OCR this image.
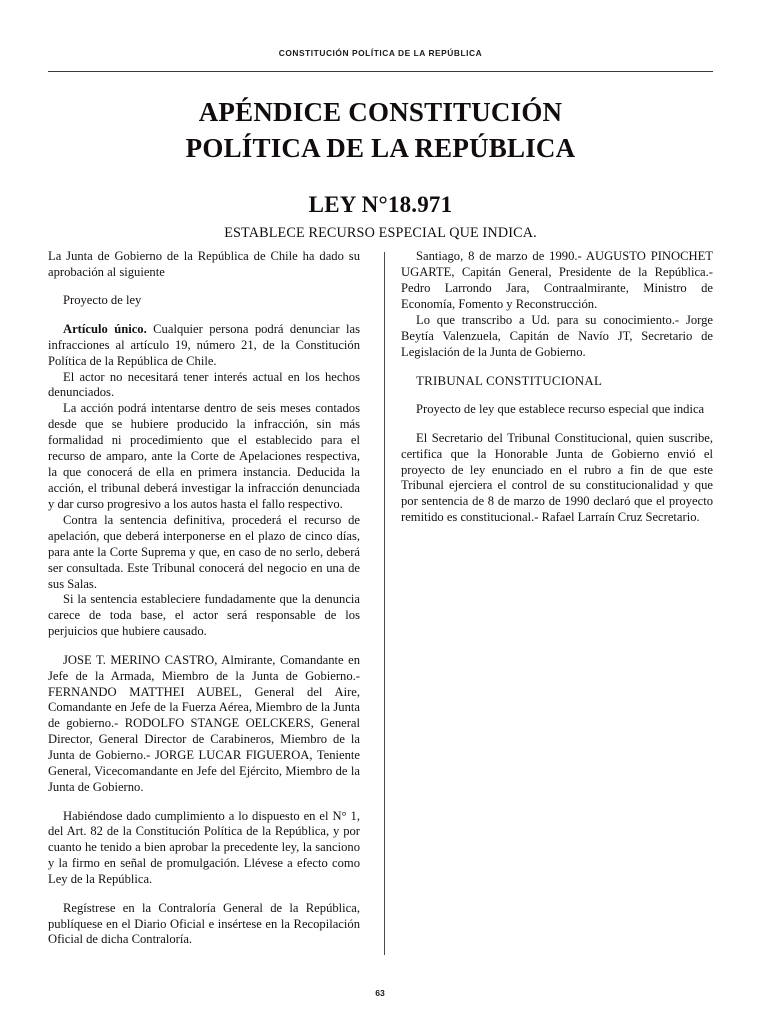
CONSTITUCIÓN POLÍTICA DE LA REPÚBLICA
APÉNDICE CONSTITUCIÓN
POLÍTICA DE LA REPÚBLICA
LEY N°18.971
ESTABLECE RECURSO ESPECIAL QUE INDICA.

La Junta de Gobierno de la República de Chile ha dado su aprobación al siguiente

Proyecto de ley

Artículo único. Cualquier persona podrá denunciar las infracciones al artículo 19, número 21, de la Constitución Política de la República de Chile.

El actor no necesitará tener interés actual en los hechos denunciados.

La acción podrá intentarse dentro de seis meses contados desde que se hubiere producido la infracción, sin más formalidad ni procedimiento que el establecido para el recurso de amparo, ante la Corte de Apelaciones respectiva, la que conocerá de ella en primera instancia. Deducida la acción, el tribunal deberá investigar la infracción denunciada y dar curso progresivo a los autos hasta el fallo respectivo.

Contra la sentencia definitiva, procederá el recurso de apelación, que deberá interponerse en el plazo de cinco días, para ante la Corte Suprema y que, en caso de no serlo, deberá ser consultada. Este Tribunal conocerá del negocio en una de sus Salas.

Si la sentencia estableciere fundadamente que la denuncia carece de toda base, el actor será responsable de los perjuicios que hubiere causado.

JOSE T. MERINO CASTRO, Almirante, Comandante en Jefe de la Armada, Miembro de la Junta de Gobierno.- FERNANDO MATTHEI AUBEL, General del Aire, Comandante en Jefe de la Fuerza Aérea, Miembro de la Junta de gobierno.- RODOLFO STANGE OELCKERS, General Director, General Director de Carabineros, Miembro de la Junta de Gobierno.- JORGE LUCAR FIGUEROA, Teniente General, Vicecomandante en Jefe del Ejército, Miembro de la Junta de Gobierno.

Habiéndose dado cumplimiento a lo dispuesto en el N° 1, del Art. 82 de la Constitución Política de la República, y por cuanto he tenido a bien aprobar la precedente ley, la sanciono y la firmo en señal de promulgación. Llévese a efecto como Ley de la República.

Regístrese en la Contraloría General de la República, publíquese en el Diario Oficial e insértese en la Recopilación Oficial de dicha Contraloría.

Santiago, 8 de marzo de 1990.- AUGUSTO PINOCHET UGARTE, Capitán General, Presidente de la República.- Pedro Larrondo Jara, Contraalmirante, Ministro de Economía, Fomento y Reconstrucción.

Lo que transcribo a Ud. para su conocimiento.- Jorge Beytía Valenzuela, Capitán de Navío JT, Secretario de Legislación de la Junta de Gobierno.

TRIBUNAL CONSTITUCIONAL

Proyecto de ley que establece recurso especial que indica

El Secretario del Tribunal Constitucional, quien suscribe, certifica que la Honorable Junta de Gobierno envió el proyecto de ley enunciado en el rubro a fin de que este Tribunal ejerciera el control de su constitucionalidad y que por sentencia de 8 de marzo de 1990 declaró que el proyecto remitido es constitucional.- Rafael Larraín Cruz Secretario.

63
